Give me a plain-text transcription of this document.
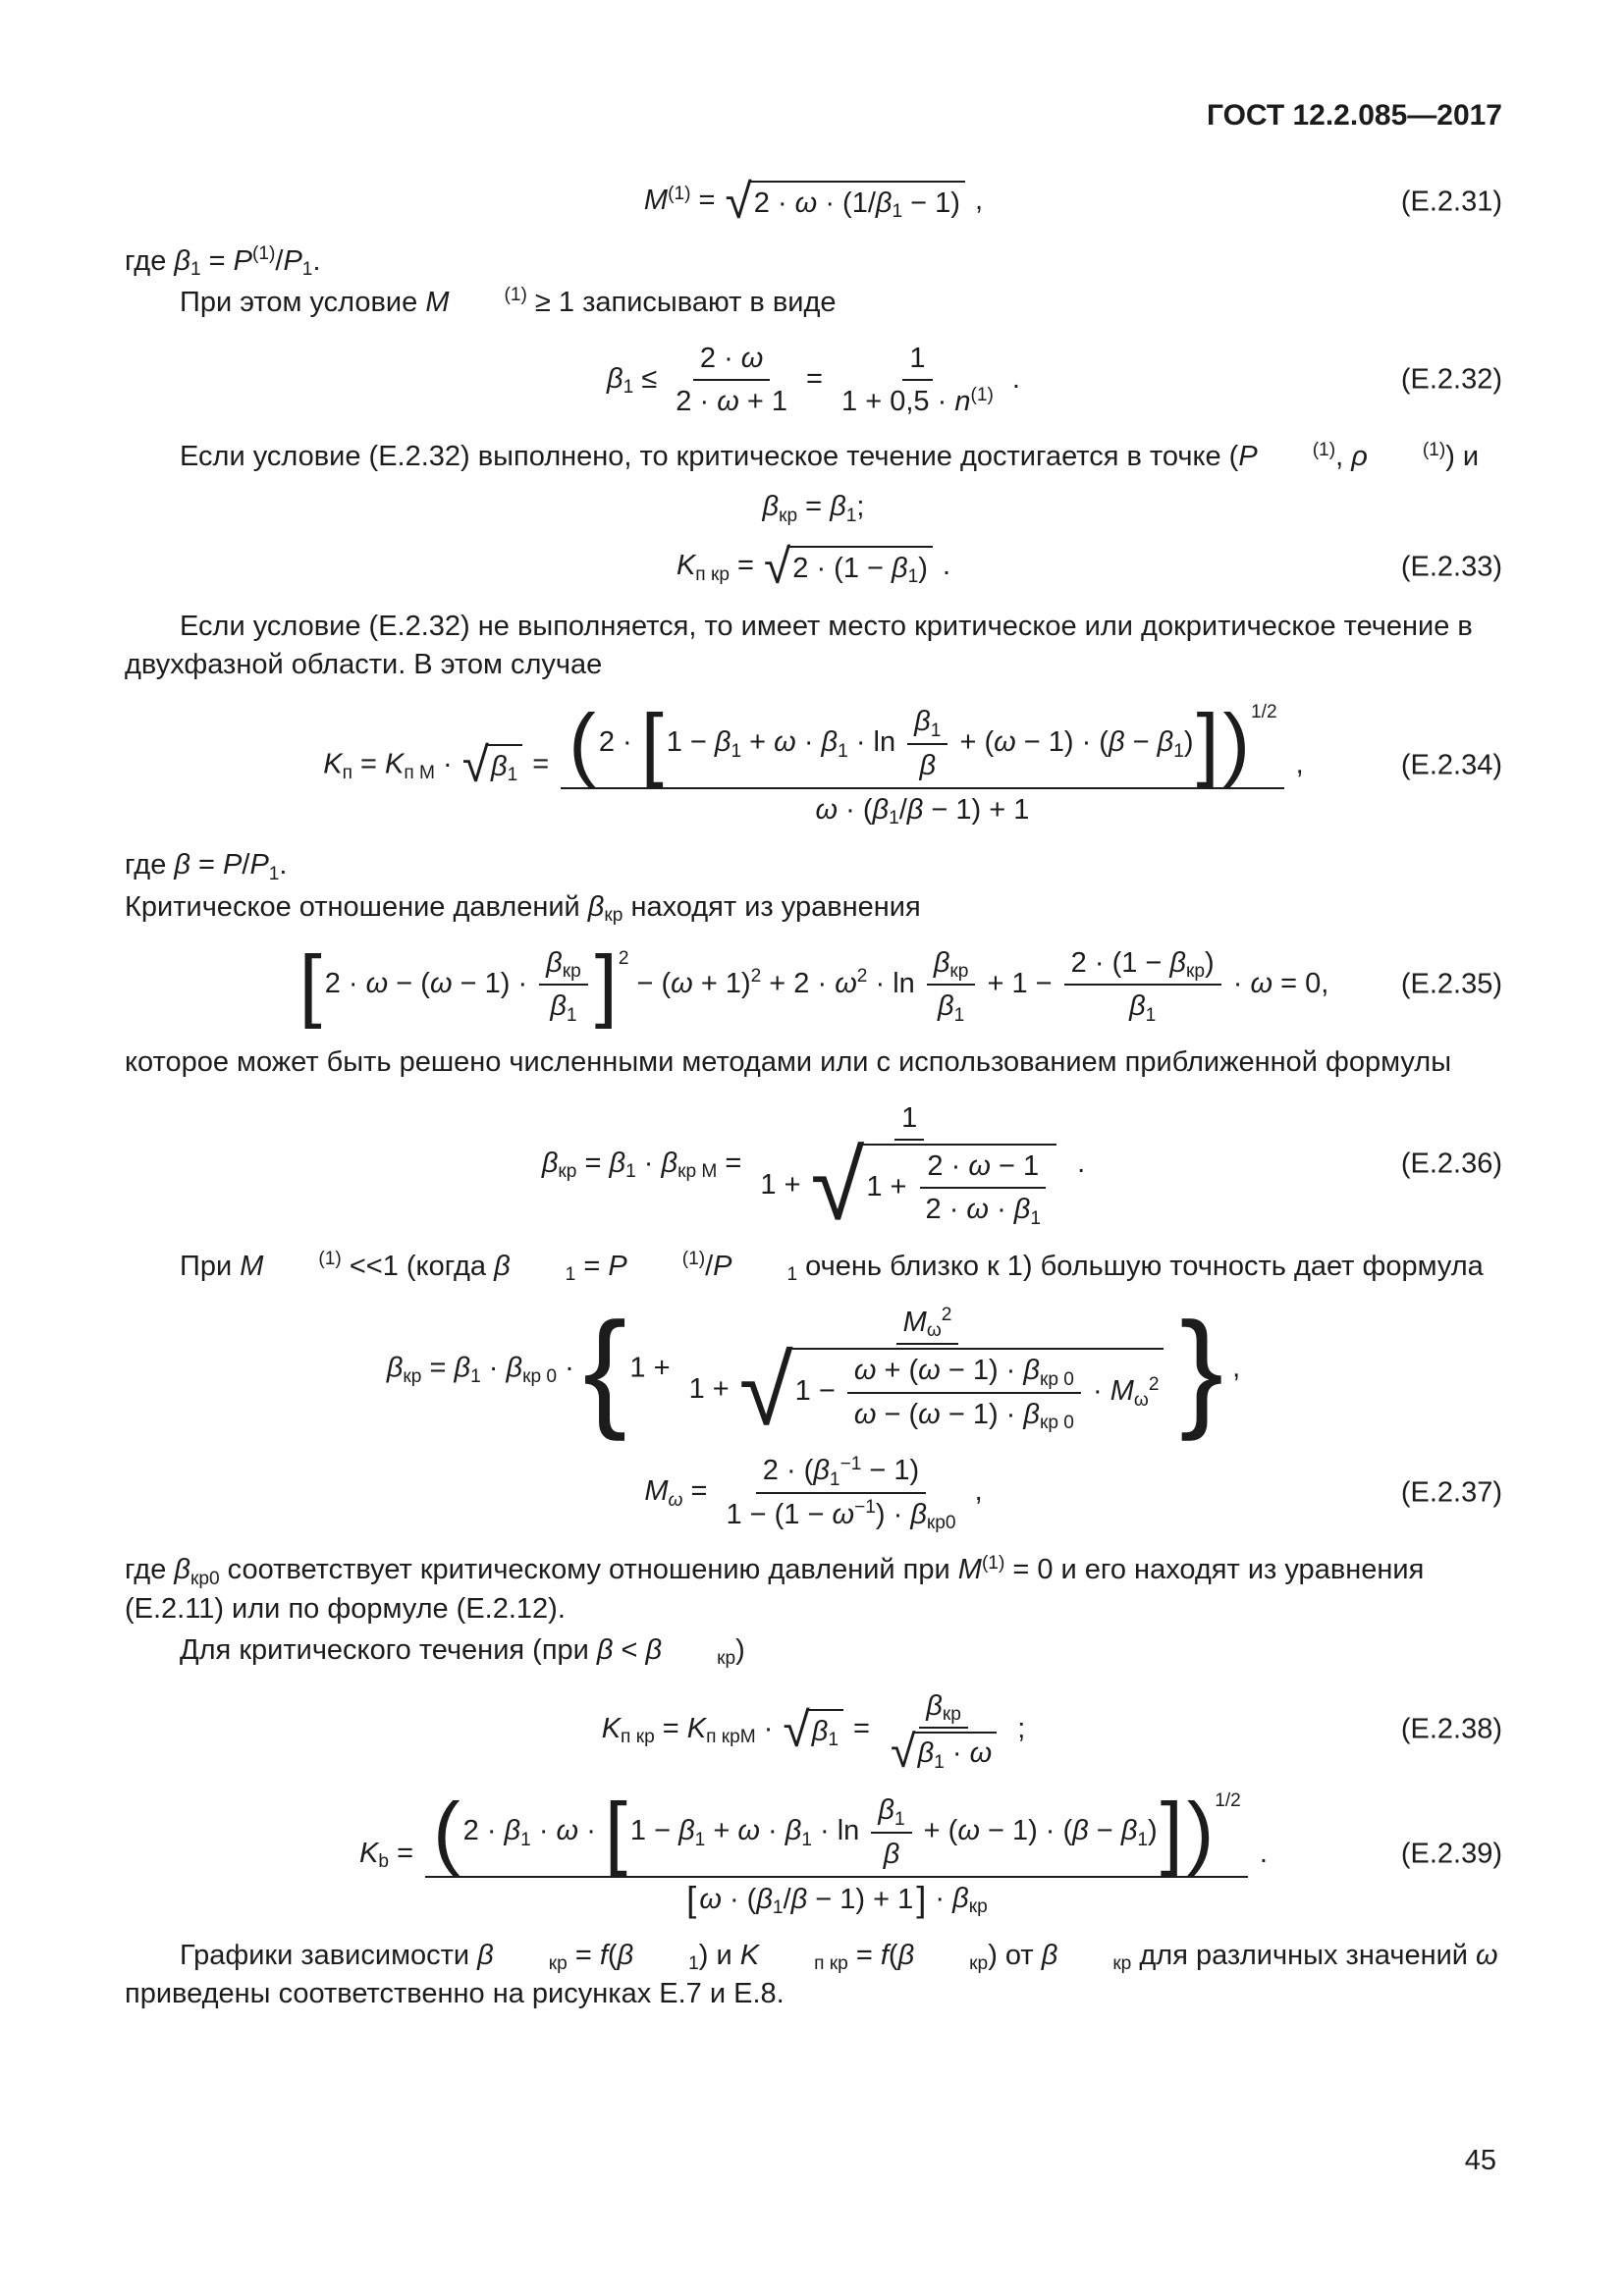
ГОСТ 12.2.085—2017
M(1) = √ 2 · ω · (1/β1 − 1) ,	(Е.2.31)
где β1 = P(1)/P1.
При этом условие M	(1) ≥ 1 записывают в виде
$\beta 1 \le \frac{2 \cdot \omega}{2 \cdot \omega + 1} = \frac{1}{1 + 0,5 \cdot n(1)}$ .	(Е.2.32)
Если условие (Е.2.32) выполнено, то критическое течение достигается в точке (P	(1), ρ	(1)) и
βкр = β1;
Kп кр = √ 2 · (1 − β1) .	(Е.2.33)
Если условие (Е.2.32) не выполняется, то имеет место критическое или докритическое течение в двухфазной области. В этом случае
Kп = Kп М · √ $\beta 1 = \frac{( 2 \cdot [ 1 - \beta 1 + \omega \cdot \beta 1 \cdot \ln \frac{\beta 1}{\beta} + (\omega - 1) \cdot (\beta - \beta 1) ] ) 1/2}{\omega \cdot (\beta 1/\beta - 1) + 1}$ ,	(Е.2.34)
где β = P/P1.
Критическое отношение давлений βкр находят из уравнения
[ $2 \cdot \omega - (\omega - 1) \cdot \frac{\text{βкр}}{\beta 1}$ ] $2 - (\omega + 1)2 + 2 \cdot \omega 2 \cdot \ln \frac{\text{βкр}}{\beta 1} + 1 - \frac{\text{2 · (1 − βкр)}}{\beta 1} \cdot \omega = 0$,	(Е.2.35)
которое может быть решено численными методами или с использованием приближенной формулы
βкр = β1 · βкр $М = \frac{1}{1 + √ 1 + \frac{2 \cdot \omega - 1}{2 \cdot \omega \cdot \beta 1}}$ .	(Е.2.36)
При M	(1) <<1 (когда β	1 = P	(1)/P	1 очень близко к 1) большую точность дает формула
βкр = β1 · βкр 0 · { $1 + \frac{M\omega 2}{1 + √ 1 - \frac{\text{ω + (ω − 1) · βкр 0}}{\text{ω − (ω − 1) · βкр 0}} \cdot M\omega 2}$ } ,
$M\omega = \frac{2 \cdot (\beta 1-1 - 1)}{\text{1 − (1 − ω−1) · βкр0}}$ ,	(Е.2.37)
где βкр0 соответствует критическому отношению давлений при M(1) = 0 и его находят из уравнения (Е.2.11) или по формуле (Е.2.12).
Для критического течения (при β < β	кр)
Kп кр = Kп крМ · √ $\beta 1 = \frac{\text{βкр}}{√ \beta 1 \cdot \omega}$ ;	(Е.2.38)
Kb = ( 2 · β1 · ω · [ $1 - \beta 1 + \omega \cdot \beta 1 \cdot \ln \frac{\beta 1}{\beta} + (\omega - 1) \cdot (\beta - \beta 1)$ ] ) 1/2
[ ω · (β1/β − 1) + 1 ] · βкр
.	(Е.2.39)
Графики зависимости β	кр = f(β	1) и K	п кр = f(β	кр) от β	кр для различных значений ω приведены соответственно на рисунках Е.7 и Е.8.
45
